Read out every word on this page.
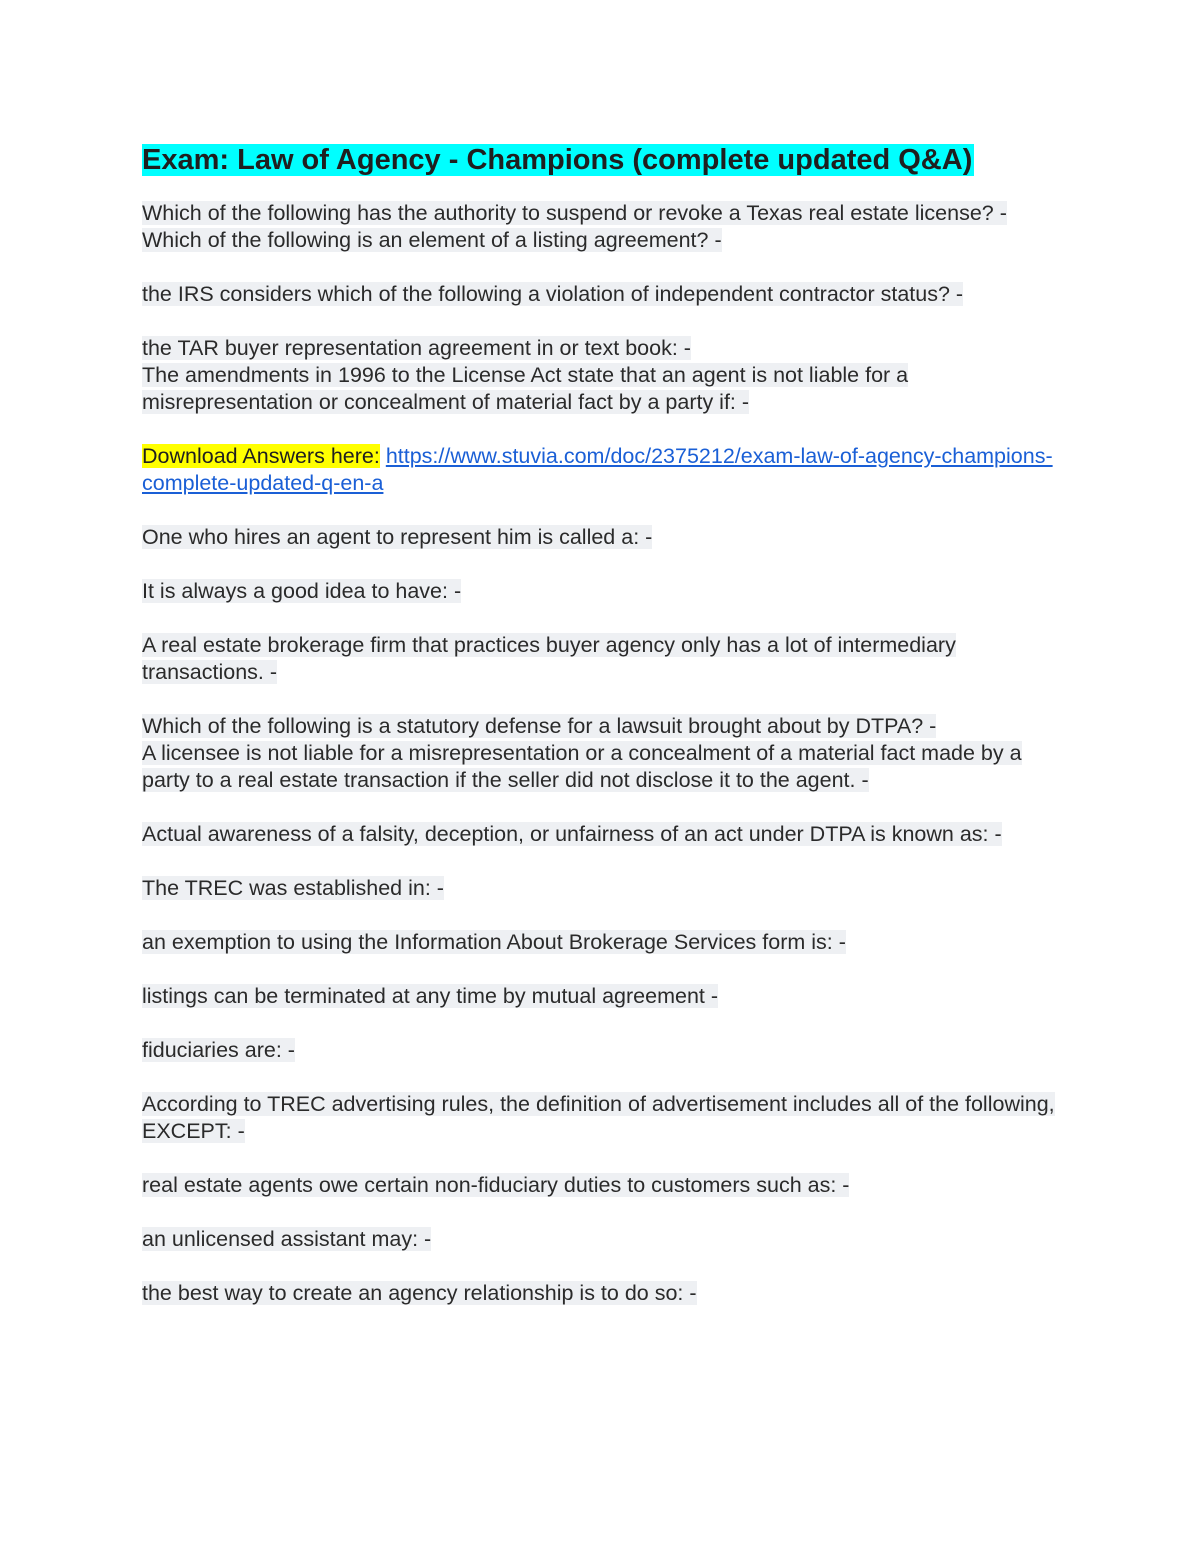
Exam: Law of Agency - Champions (complete updated Q&A)

Which of the following has the authority to suspend or revoke a Texas real estate license? -

Which of the following is an element of a listing agreement? -

the IRS considers which of the following a violation of independent contractor status? -

the TAR buyer representation agreement in or text book: -

The amendments in 1996 to the License Act state that an agent is not liable for a misrepresentation or concealment of material fact by a party if: -

Download Answers here: https://www.stuvia.com/doc/2375212/exam-law-of-agency-champions-complete-updated-q-en-a

One who hires an agent to represent him is called a: -

It is always a good idea to have: -

A real estate brokerage firm that practices buyer agency only has a lot of intermediary transactions. -

Which of the following is a statutory defense for a lawsuit brought about by DTPA? -

A licensee is not liable for a misrepresentation or a concealment of a material fact made by a party to a real estate transaction if the seller did not disclose it to the agent. -

Actual awareness of a falsity, deception, or unfairness of an act under DTPA is known as: -

The TREC was established in: -

an exemption to using the Information About Brokerage Services form is: -

listings can be terminated at any time by mutual agreement -

fiduciaries are: -

According to TREC advertising rules, the definition of advertisement includes all of the following, EXCEPT: -

real estate agents owe certain non-fiduciary duties to customers such as: -

an unlicensed assistant may: -

the best way to create an agency relationship is to do so: -
